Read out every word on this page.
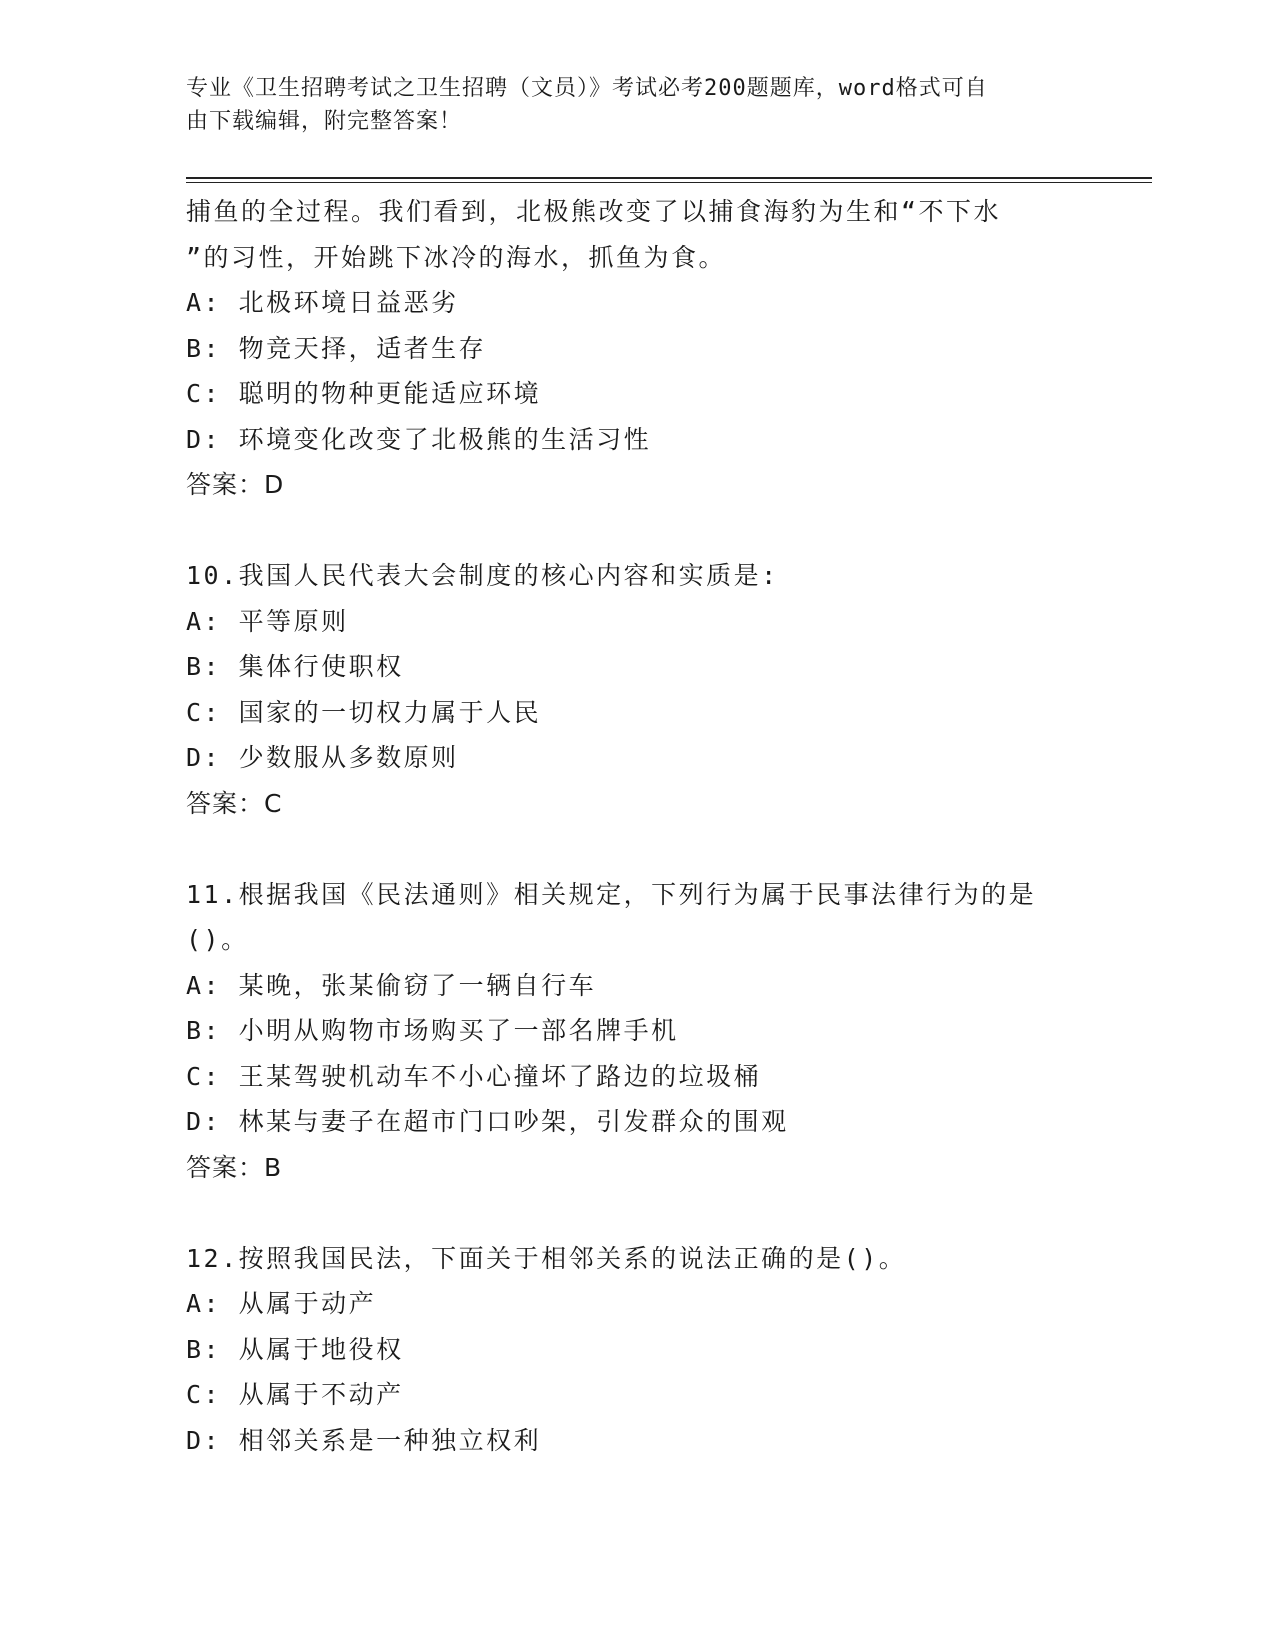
专业《卫生招聘考试之卫生招聘（文员）》考试必考200题题库，word格式可自
由下载编辑，附完整答案！
捕鱼的全过程。我们看到，北极熊改变了以捕食海豹为生和“不下水
”的习性，开始跳下冰冷的海水，抓鱼为食。
A: 北极环境日益恶劣
B: 物竞天择，适者生存
C: 聪明的物种更能适应环境
D: 环境变化改变了北极熊的生活习性
答案：D
10.我国人民代表大会制度的核心内容和实质是:
A: 平等原则
B: 集体行使职权
C: 国家的一切权力属于人民
D: 少数服从多数原则
答案：C
11.根据我国《民法通则》相关规定，下列行为属于民事法律行为的是
()。
A: 某晚，张某偷窃了一辆自行车
B: 小明从购物市场购买了一部名牌手机
C: 王某驾驶机动车不小心撞坏了路边的垃圾桶
D: 林某与妻子在超市门口吵架，引发群众的围观
答案：B
12.按照我国民法，下面关于相邻关系的说法正确的是()。
A: 从属于动产
B: 从属于地役权
C: 从属于不动产
D: 相邻关系是一种独立权利
